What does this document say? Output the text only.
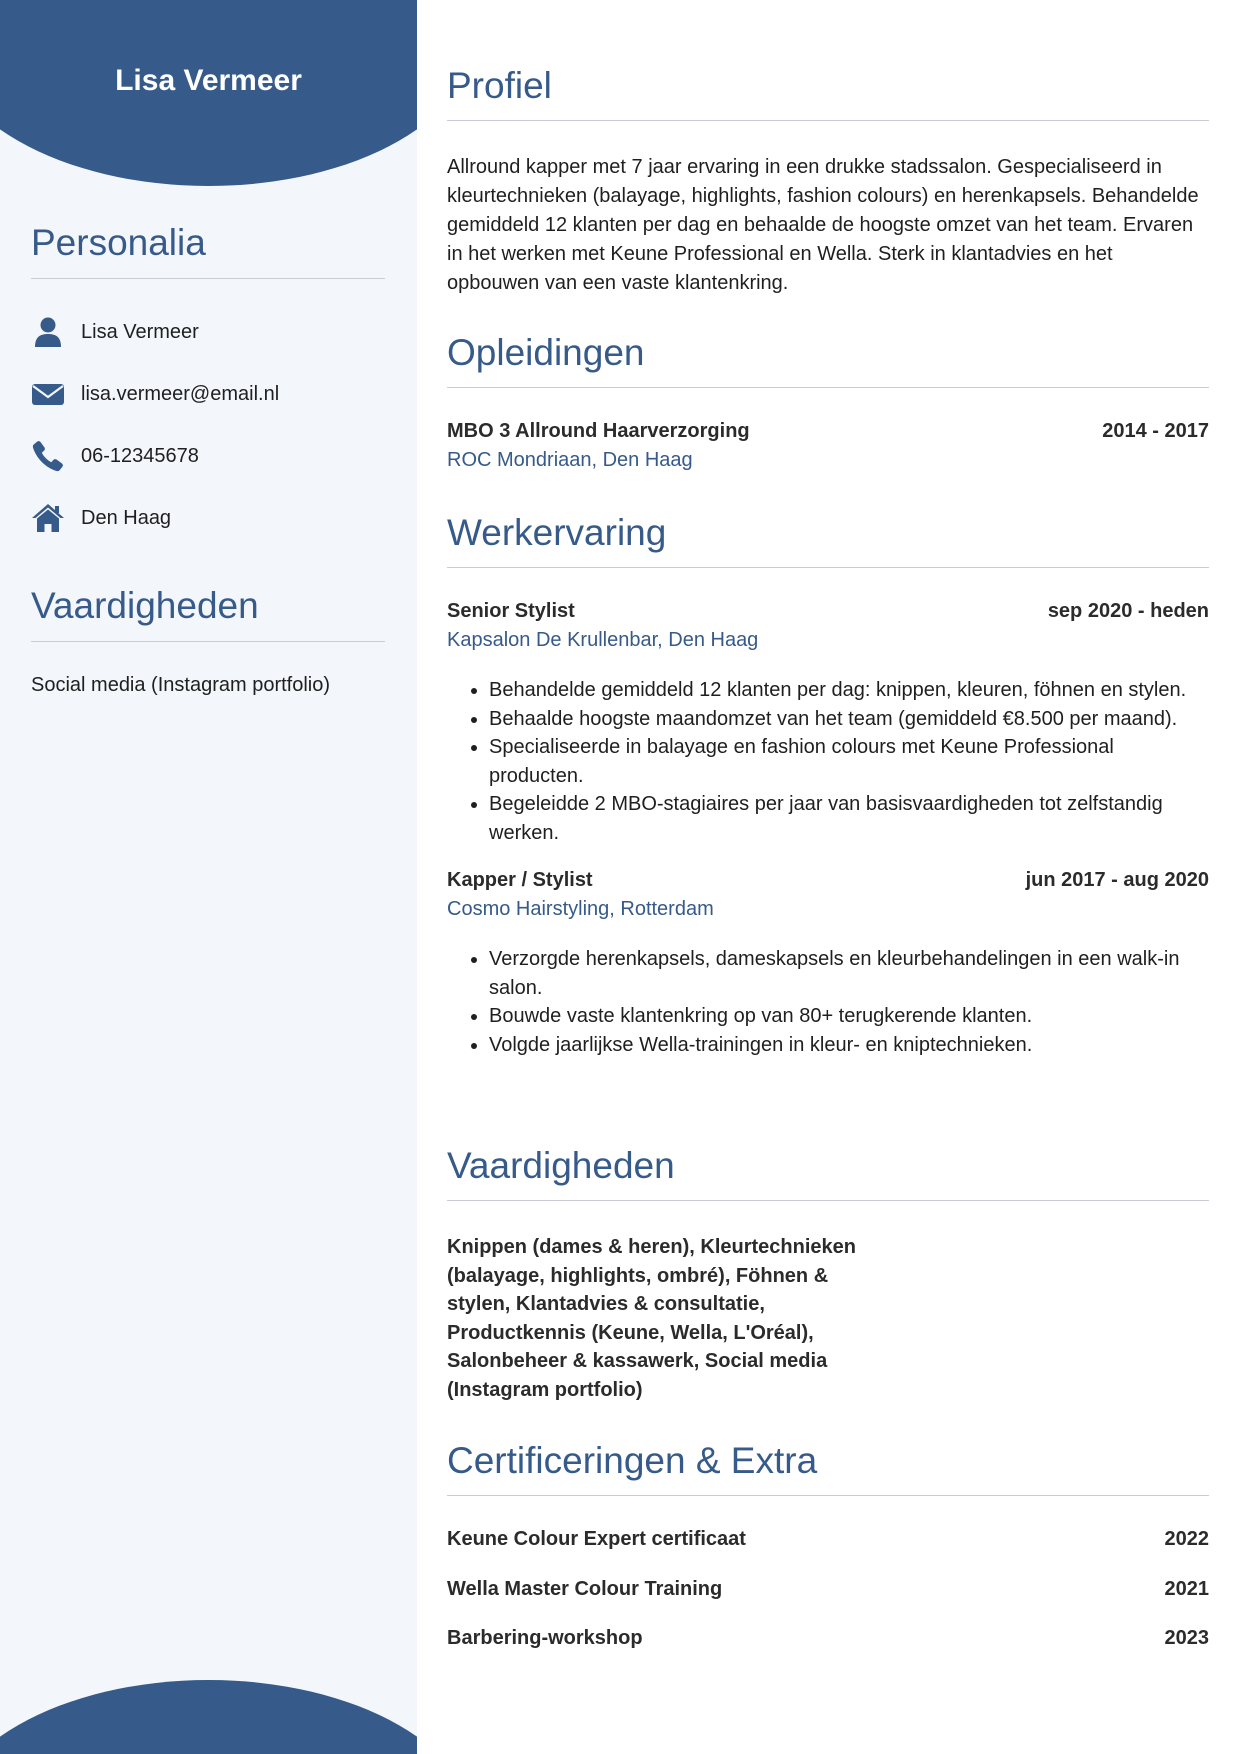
Lisa Vermeer
Personalia
Lisa Vermeer
lisa.vermeer@email.nl
06-12345678
Den Haag
Vaardigheden

Social media (Instagram portfolio)

Profiel

Allround kapper met 7 jaar ervaring in een drukke stadssalon. Gespecialiseerd in kleurtechnieken (balayage, highlights, fashion colours) en herenkapsels. Behandelde gemiddeld 12 klanten per dag en behaalde de hoogste omzet van het team. Ervaren in het werken met Keune Professional en Wella. Sterk in klantadvies en het opbouwen van een vaste klantenkring.

Opleidingen
MBO 3 Allround Haarverzorging	2014 - 2017
ROC Mondriaan, Den Haag
Werkervaring
Senior Stylist	sep 2020 - heden
Kapsalon De Krullenbar, Den Haag
• Behandelde gemiddeld 12 klanten per dag: knippen, kleuren, föhnen en stylen.
• Behaalde hoogste maandomzet van het team (gemiddeld €8.500 per maand).
• Specialiseerde in balayage en fashion colours met Keune Professional producten.
• Begeleidde 2 MBO-stagiaires per jaar van basisvaardigheden tot zelfstandig werken.
Kapper / Stylist	jun 2017 - aug 2020
Cosmo Hairstyling, Rotterdam
• Verzorgde herenkapsels, dameskapsels en kleurbehandelingen in een walk-in salon.
• Bouwde vaste klantenkring op van 80+ terugkerende klanten.
• Volgde jaarlijkse Wella-trainingen in kleur- en kniptechnieken.
Vaardigheden

Knippen (dames & heren), Kleurtechnieken (balayage, highlights, ombré), Föhnen & stylen, Klantadvies & consultatie, Productkennis (Keune, Wella, L'Oréal), Salonbeheer & kassawerk, Social media (Instagram portfolio)

Certificeringen & Extra
Keune Colour Expert certificaat	2022
Wella Master Colour Training	2021
Barbering-workshop	2023
